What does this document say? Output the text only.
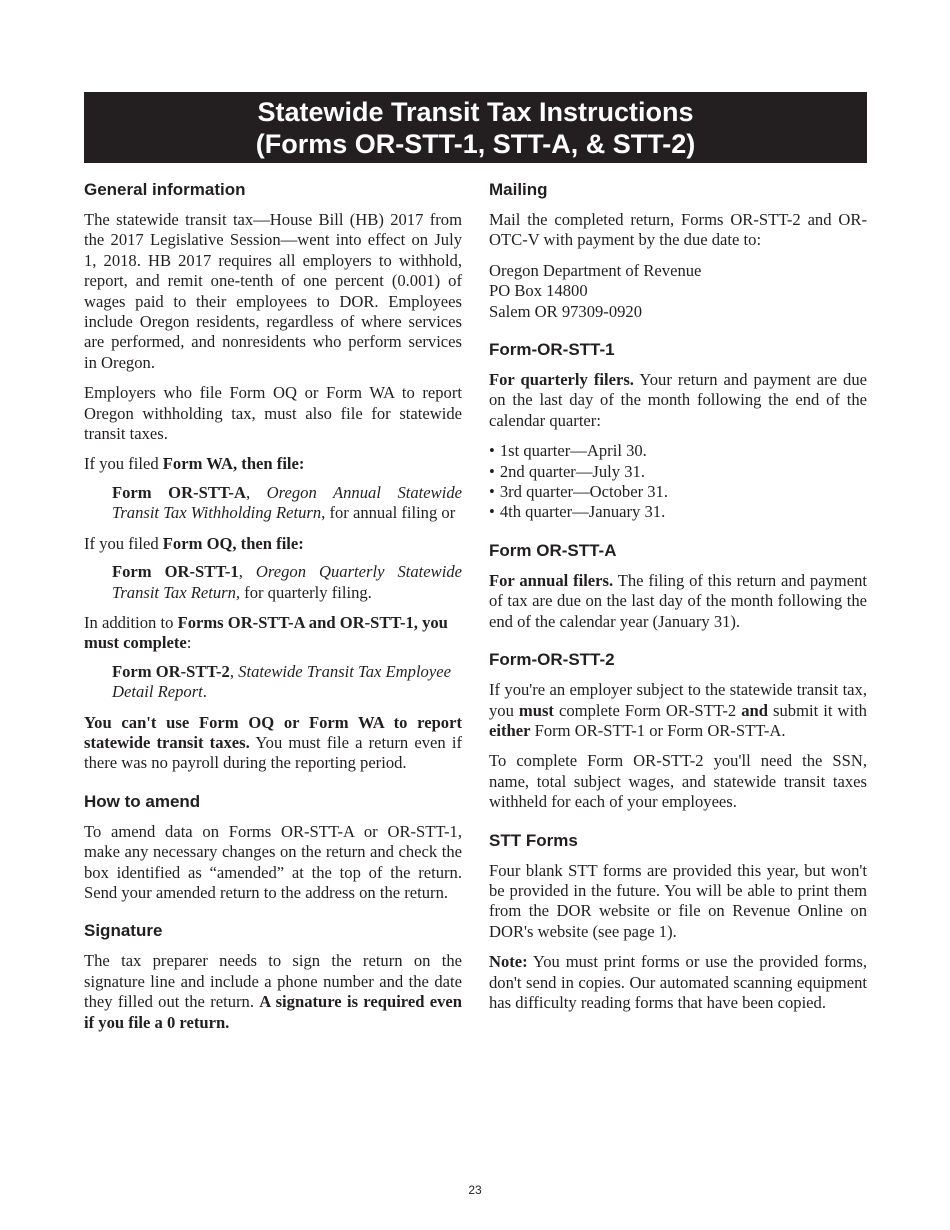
Statewide Transit Tax Instructions
(Forms OR-STT-1, STT-A, & STT-2)
General information

The statewide transit tax—House Bill (HB) 2017 from the 2017 Legislative Session—went into effect on July 1, 2018. HB 2017 requires all employers to withhold, report, and remit one-tenth of one percent (0.001) of wages paid to their employees to DOR. Employees include Oregon residents, regardless of where services are performed, and nonresidents who perform services in Oregon.

Employers who file Form OQ or Form WA to report Oregon withholding tax, must also file for statewide transit taxes.

If you filed Form WA, then file:

Form OR-STT-A, Oregon Annual Statewide Transit Tax Withholding Return, for annual filing or

If you filed Form OQ, then file:

Form OR-STT-1, Oregon Quarterly Statewide Transit Tax Return, for quarterly filing.

In addition to Forms OR-STT-A and OR-STT-1, you must complete:

Form OR-STT-2, Statewide Transit Tax Employee Detail Report.

You can't use Form OQ or Form WA to report statewide transit taxes. You must file a return even if there was no payroll during the reporting period.

How to amend

To amend data on Forms OR-STT-A or OR-STT-1, make any necessary changes on the return and check the box identified as “amended” at the top of the return. Send your amended return to the address on the return.

Signature

The tax preparer needs to sign the return on the signature line and include a phone number and the date they filled out the return. A signature is required even if you file a 0 return.

Mailing

Mail the completed return, Forms OR-STT-2 and OR-OTC-V with payment by the due date to:

Oregon Department of Revenue

PO Box 14800

Salem OR 97309-0920

Form-OR-STT-1

For quarterly filers. Your return and payment are due on the last day of the month following the end of the calendar quarter:

• 1st quarter—April 30.
• 2nd quarter—July 31.
• 3rd quarter—October 31.
• 4th quarter—January 31.
Form OR-STT-A

For annual filers. The filing of this return and payment of tax are due on the last day of the month following the end of the calendar year (January 31).

Form-OR-STT-2

If you're an employer subject to the statewide transit tax, you must complete Form OR-STT-2 and submit it with either Form OR-STT-1 or Form OR-STT-A.

To complete Form OR-STT-2 you'll need the SSN, name, total subject wages, and statewide transit taxes withheld for each of your employees.

STT Forms

Four blank STT forms are provided this year, but won't be provided in the future. You will be able to print them from the DOR website or file on Revenue Online on DOR's website (see page 1).

Note: You must print forms or use the provided forms, don't send in copies. Our automated scanning equipment has difficulty reading forms that have been copied.

23
